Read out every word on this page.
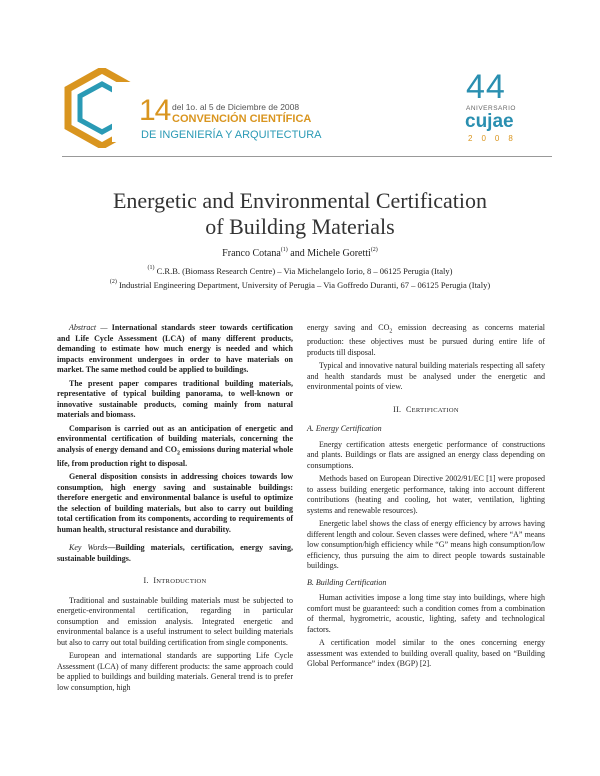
14 del 1o. al 5 de Diciembre de 2008
CONVENCIÓN CIENTÍFICA
DE INGENIERÍA Y ARQUITECTURA
44
ANIVERSARIO
cujae
2008
Energetic and Environmental Certification
of Building Materials
Franco Cotana$^{(1)}$ and Michele Goretti$^{(2)}$
$^{(1)}$ C.R.B. (Biomass Research Centre) – Via Michelangelo Iorio, 8 – 06125 Perugia (Italy)
$^{(2)}$ Industrial Engineering Department, University of Perugia – Via Goffredo Duranti, 67 – 06125 Perugia (Italy)

Abstract — International standards steer towards certification and Life Cycle Assessment (LCA) of many different products, demanding to estimate how much energy is needed and which impacts environment undergoes in order to have materials on market. The same method could be applied to buildings.

The present paper compares traditional building materials, representative of typical building panorama, to well-known or innovative sustainable products, coming mainly from natural materials and biomass.

Comparison is carried out as an anticipation of energetic and environmental certification of building materials, concerning the analysis of energy demand and $CO_2$ emissions during material whole life, from production right to disposal.

General disposition consists in addressing choices towards low consumption, high energy saving and sustainable buildings: therefore energetic and environmental balance is useful to optimize the selection of building materials, but also to carry out building total certification from its components, according to requirements of human health, structural resistance and durability.

Key Words—Building materials, certification, energy saving, sustainable buildings.

I. INTRODUCTION

Traditional and sustainable building materials must be subjected to energetic-environmental certification, regarding in particular consumption and emission analysis. Integrated energetic and environmental balance is a useful instrument to select building materials but also to carry out total building certification from single components.

European and international standards are supporting Life Cycle Assessment (LCA) of many different products: the same approach could be applied to buildings and building materials. General trend is to prefer low consumption, high

energy saving and $CO_2$ emission decreasing as concerns material production: these objectives must be pursued during entire life of products till disposal.

Typical and innovative natural building materials respecting all safety and health standards must be analysed under the energetic and environmental points of view.

II. CERTIFICATION
A. Energy Certification

Energy certification attests energetic performance of constructions and plants. Buildings or flats are assigned an energy class depending on consumptions.

Methods based on European Directive 2002/91/EC [1] were proposed to assess building energetic performance, taking into account different contributions (heating and cooling, hot water, ventilation, lighting systems and renewable resources).

Energetic label shows the class of energy efficiency by arrows having different length and colour. Seven classes were defined, where “A” means low consumption/high efficiency while “G” means high consumption/low efficiency, thus pursuing the aim to direct people towards sustainable buildings.

B. Building Certification

Human activities impose a long time stay into buildings, where high comfort must be guaranteed: such a condition comes from a combination of thermal, hygrometric, acoustic, lighting, safety and technological factors.

A certification model similar to the ones concerning energy assessment was extended to building overall quality, based on “Building Global Performance” index (BGP) [2].
